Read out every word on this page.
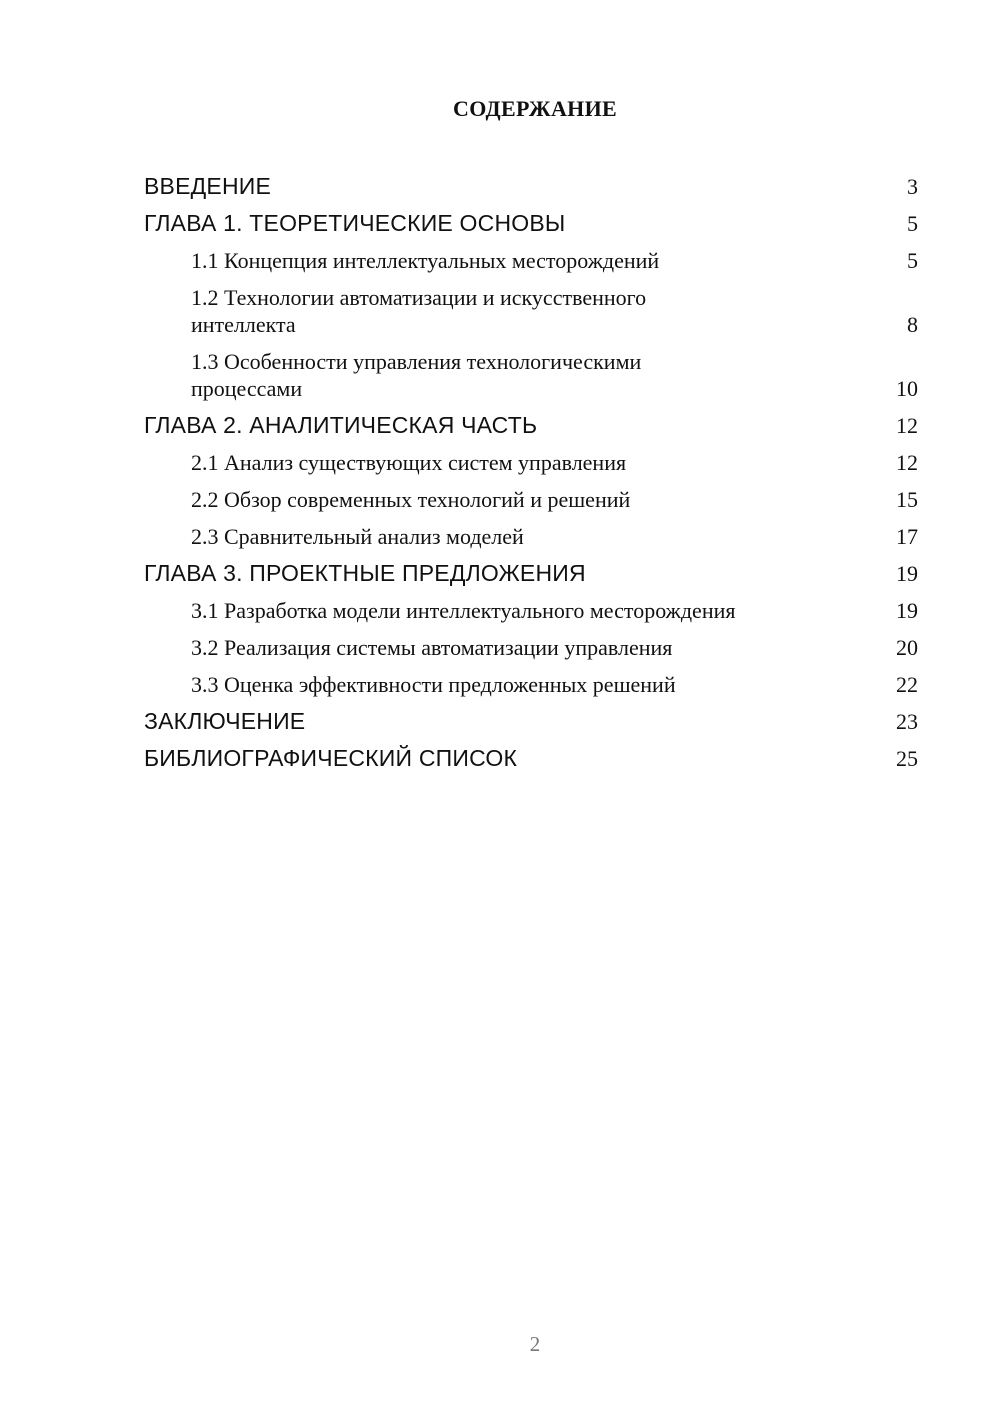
СОДЕРЖАНИЕ
ВВЕДЕНИЕ	3
ГЛАВА 1. ТЕОРЕТИЧЕСКИЕ ОСНОВЫ	5
1.1 Концепция интеллектуальных месторождений	5
1.2 Технологии автоматизации и искусственного интеллекта	8
1.3 Особенности управления технологическими процессами	10
ГЛАВА 2. АНАЛИТИЧЕСКАЯ ЧАСТЬ	12
2.1 Анализ существующих систем управления	12
2.2 Обзор современных технологий и решений	15
2.3 Сравнительный анализ моделей	17
ГЛАВА 3. ПРОЕКТНЫЕ ПРЕДЛОЖЕНИЯ	19
3.1 Разработка модели интеллектуального месторождения	19
3.2 Реализация системы автоматизации управления	20
3.3 Оценка эффективности предложенных решений	22
ЗАКЛЮЧЕНИЕ	23
БИБЛИОГРАФИЧЕСКИЙ СПИСОК	25
2
